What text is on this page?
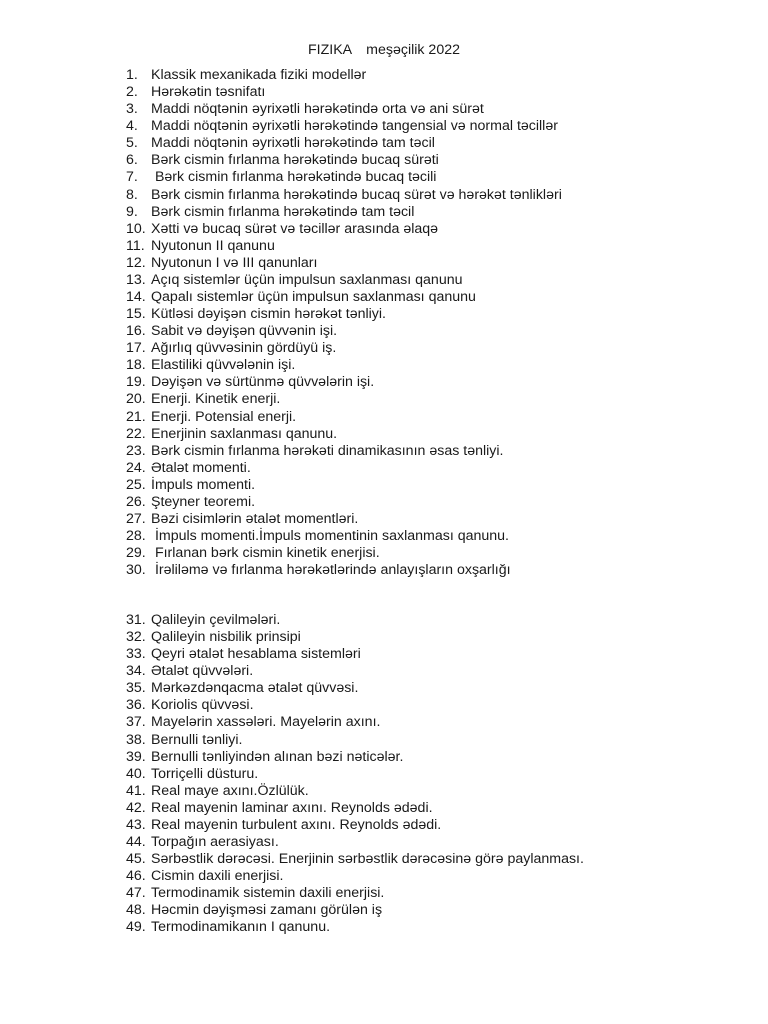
FIZIKA meşəçilik 2022
1. Klassik mexanikada fiziki modellər
2. Hərəkətin təsnifatı
3. Maddi nöqtənin əyrixətli hərəkətində orta və ani sürət
4. Maddi nöqtənin əyrixətli hərəkətində tangensial və normal təcillər
5. Maddi nöqtənin əyrixətli hərəkətində tam təcil
6. Bərk cismin fırlanma hərəkətində bucaq sürəti
7. Bərk cismin fırlanma hərəkətində bucaq təcili
8. Bərk cismin fırlanma hərəkətində bucaq sürət və hərəkət tənlikləri
9. Bərk cismin fırlanma hərəkətində tam təcil
10. Xətti və bucaq sürət və təcillər arasında əlaqə
11. Nyutonun II qanunu
12. Nyutonun I və III qanunları
13. Açıq sistemlər üçün impulsun saxlanması qanunu
14. Qapalı sistemlər üçün impulsun saxlanması qanunu
15. Kütləsi dəyişən cismin hərəkət tənliyi.
16. Sabit və dəyişən qüvvənin işi.
17. Ağırlıq qüvvəsinin gördüyü iş.
18. Elastiliki qüvvələnin işi.
19. Dəyişən və sürtünmə qüvvələrin işi.
20. Enerji. Kinetik enerji.
21. Enerji. Potensial enerji.
22. Enerjinin saxlanması qanunu.
23. Bərk cismin fırlanma hərəkəti dinamikasının əsas tənliyi.
24. Ətalət momenti.
25. İmpuls momenti.
26. Şteyner teoremi.
27. Bəzi cisimlərin ətalət momentləri.
28. İmpuls momenti.İmpuls momentinin saxlanması qanunu.
29. Fırlanan bərk cismin kinetik enerjisi.
30. İrəliləmə və fırlanma hərəkətlərində anlayışların oxşarlığı
31. Qalileyin çevilmələri.
32. Qalileyin nisbilik prinsipi
33. Qeyri ətalət hesablama sistemləri
34. Ətalət qüvvələri.
35. Mərkəzdənqacma ətalət qüvvəsi.
36. Koriolis qüvvəsi.
37. Mayelərin xassələri. Mayelərin axını.
38. Bernulli tənliyi.
39. Bernulli tənliyindən alınan bəzi nəticələr.
40. Torriçelli düsturu.
41. Real maye axını.Özlülük.
42. Real mayenin laminar axını. Reynolds ədədi.
43. Real mayenin turbulent axını. Reynolds ədədi.
44. Torpağın aerasiyası.
45. Sərbəstlik dərəcəsi. Enerjinin sərbəstlik dərəcəsinə görə paylanması.
46. Cismin daxili enerjisi.
47. Termodinamik sistemin daxili enerjisi.
48. Həcmin dəyişməsi zamanı görülən iş
49. Termodinamikanın I qanunu.
